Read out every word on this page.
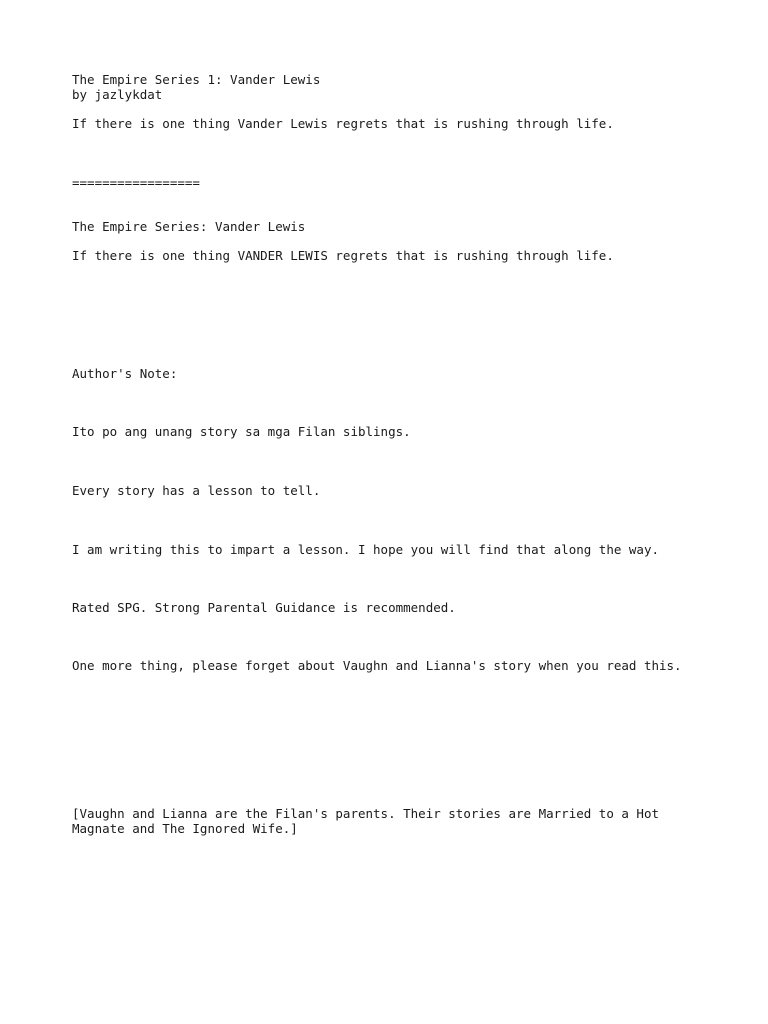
The Empire Series 1: Vander Lewis

by jazlykdat

If there is one thing Vander Lewis regrets that is rushing through life.

=================

The Empire Series: Vander Lewis

If there is one thing VANDER LEWIS regrets that is rushing through life.

Author's Note:

Ito po ang unang story sa mga Filan siblings.

Every story has a lesson to tell.

I am writing this to impart a lesson. I hope you will find that along the way.

Rated SPG. Strong Parental Guidance is recommended.

One more thing, please forget about Vaughn and Lianna's story when you read this.

[Vaughn and Lianna are the Filan's parents. Their stories are Married to a Hot

Magnate and The Ignored Wife.]
